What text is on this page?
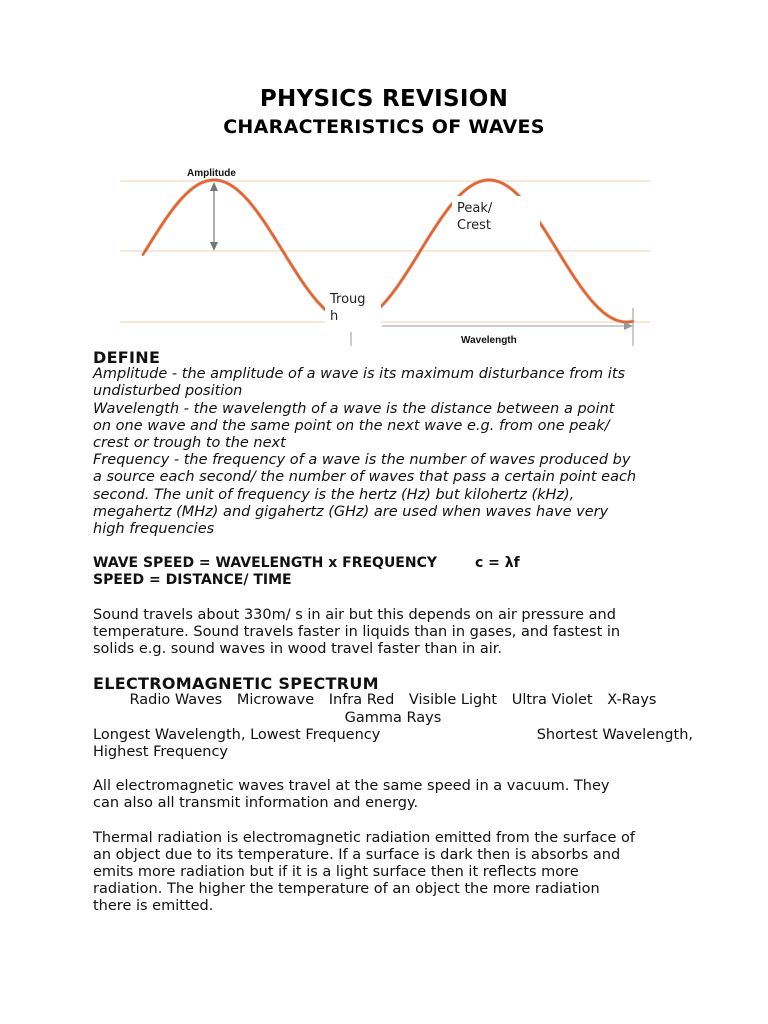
PHYSICS REVISION
CHARACTERISTICS OF WAVES
Amplitude
Peak/
Crest
Troug
h
Wavelength
DEFINE
Amplitude - the amplitude of a wave is its maximum disturbance from its
undisturbed position
Wavelength - the wavelength of a wave is the distance between a point
on one wave and the same point on the next wave e.g. from one peak/
crest or trough to the next
Frequency - the frequency of a wave is the number of waves produced by
a source each second/ the number of waves that pass a certain point each
second. The unit of frequency is the hertz (Hz) but kilohertz (kHz),
megahertz (MHz) and gigahertz (GHz) are used when waves have very
high frequencies
WAVE SPEED = WAVELENGTH x FREQUENCY	c = λf
SPEED = DISTANCE/ TIME
Sound travels about 330m/ s in air but this depends on air pressure and
temperature. Sound travels faster in liquids than in gases, and fastest in
solids e.g. sound waves in wood travel faster than in air.
ELECTROMAGNETIC SPECTRUM
Radio Waves Microwave Infra Red Visible Light Ultra Violet X-Rays
Gamma Rays
Longest Wavelength, Lowest Frequency	Shortest Wavelength,
Highest Frequency
All electromagnetic waves travel at the same speed in a vacuum. They
can also all transmit information and energy.
Thermal radiation is electromagnetic radiation emitted from the surface of
an object due to its temperature. If a surface is dark then is absorbs and
emits more radiation but if it is a light surface then it reflects more
radiation. The higher the temperature of an object the more radiation
there is emitted.
